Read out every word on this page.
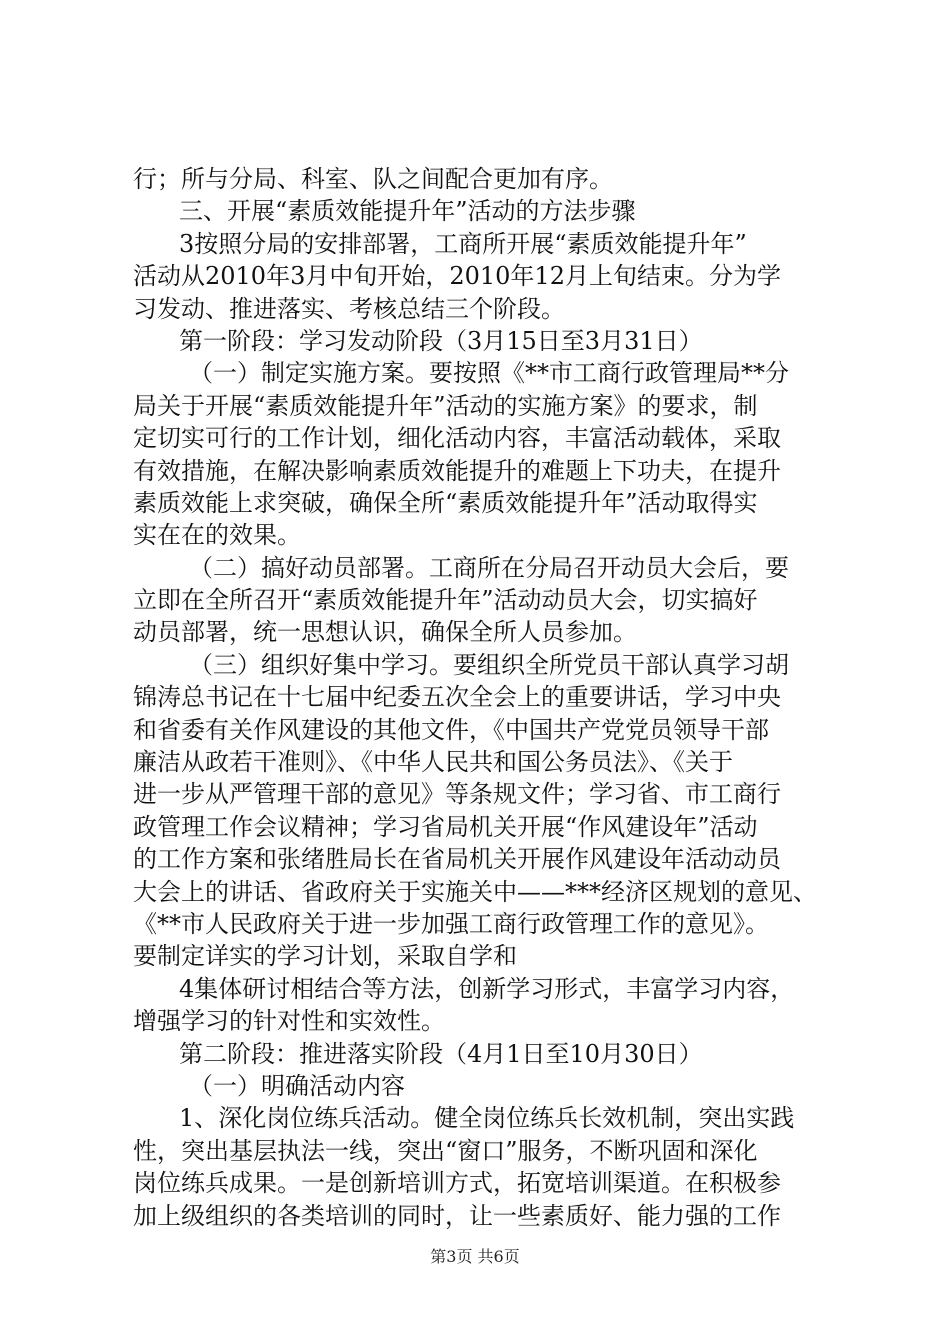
行；所与分局、科室、队之间配合更加有序。
三、开展“素质效能提升年”活动的方法步骤
3按照分局的安排部署，工商所开展“素质效能提升年”
活动从2010年3月中旬开始，2010年12月上旬结束。分为学
习发动、推进落实、考核总结三个阶段。
第一阶段：学习发动阶段（3月15日至3月31日）
（一）制定实施方案。要按照《**市工商行政管理局**分
局关于开展“素质效能提升年”活动的实施方案》的要求，制
定切实可行的工作计划，细化活动内容，丰富活动载体，采取
有效措施，在解决影响素质效能提升的难题上下功夫，在提升
素质效能上求突破，确保全所“素质效能提升年”活动取得实
实在在的效果。
（二）搞好动员部署。工商所在分局召开动员大会后，要
立即在全所召开“素质效能提升年”活动动员大会，切实搞好
动员部署，统一思想认识，确保全所人员参加。
（三）组织好集中学习。要组织全所党员干部认真学习胡
锦涛总书记在十七届中纪委五次全会上的重要讲话，学习中央
和省委有关作风建设的其他文件，《中国共产党党员领导干部
廉洁从政若干准则》、《中华人民共和国公务员法》、《关于
进一步从严管理干部的意见》等条规文件；学习省、市工商行
政管理工作会议精神；学习省局机关开展“作风建设年”活动
的工作方案和张绪胜局长在省局机关开展作风建设年活动动员
大会上的讲话、省政府关于实施关中——***经济区规划的意见、
《**市人民政府关于进一步加强工商行政管理工作的意见》。
要制定详实的学习计划，采取自学和
4集体研讨相结合等方法，创新学习形式，丰富学习内容，
增强学习的针对性和实效性。
第二阶段：推进落实阶段（4月1日至10月30日）
（一）明确活动内容
1、深化岗位练兵活动。健全岗位练兵长效机制，突出实践
性，突出基层执法一线，突出“窗口”服务，不断巩固和深化
岗位练兵成果。一是创新培训方式，拓宽培训渠道。在积极参
加上级组织的各类培训的同时，让一些素质好、能力强的工作
第3页 共6页
